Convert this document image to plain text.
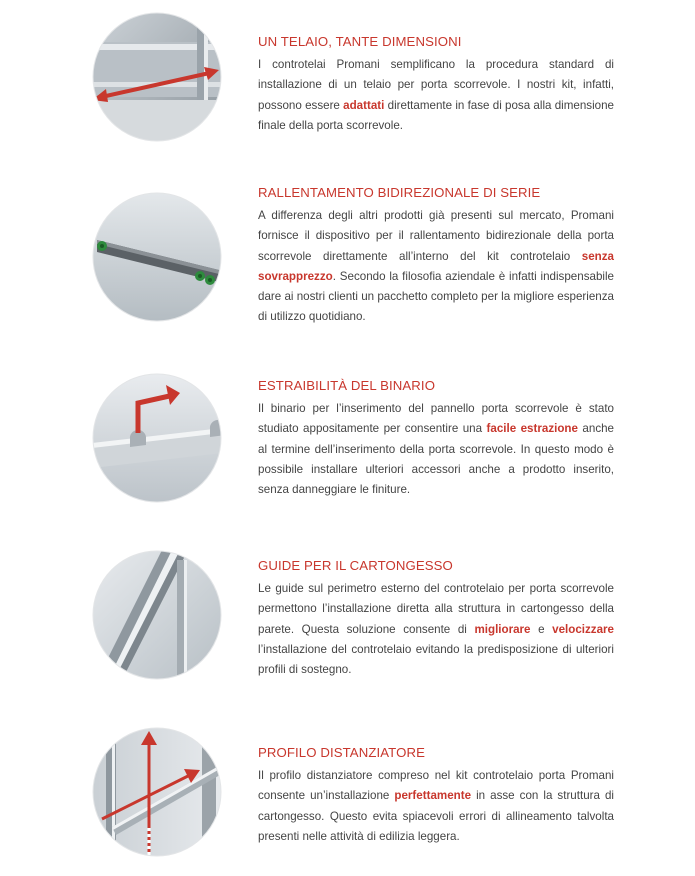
UN TELAIO, TANTE DIMENSIONI

I controtelai Promani semplificano la procedura standard di installazione di un telaio per porta scorrevole. I nostri kit, infatti, possono essere adattati direttamente in fase di posa alla dimensione finale della porta scorrevole.

RALLENTAMENTO BIDIREZIONALE DI SERIE

A differenza degli altri prodotti già presenti sul mercato, Promani fornisce il dispositivo per il rallentamento bidirezionale della porta scorrevole direttamente all’interno del kit controtelaio senza sovrapprezzo. Secondo la filosofia aziendale è infatti indispensabile dare ai nostri clienti un pacchetto completo per la migliore esperienza di utilizzo quotidiano.

ESTRAIBILITÀ DEL BINARIO

Il binario per l’inserimento del pannello porta scorrevole è stato studiato appositamente per consentire una facile estrazione anche al termine dell’inserimento della porta scorrevole. In questo modo è possibile installare ulteriori accessori anche a prodotto inserito, senza danneggiare le finiture.

GUIDE PER IL CARTONGESSO

Le guide sul perimetro esterno del controtelaio per porta scorrevole permettono l’installazione diretta alla struttura in cartongesso della parete. Questa soluzione consente di migliorare e velocizzare l’installazione del controtelaio evitando la predisposizione di ulteriori profili di sostegno.

PROFILO DISTANZIATORE

Il profilo distanziatore compreso nel kit controtelaio porta Promani consente un’installazione perfettamente in asse con la struttura di cartongesso. Questo evita spiacevoli errori di allineamento talvolta presenti nelle attività di edilizia leggera.
